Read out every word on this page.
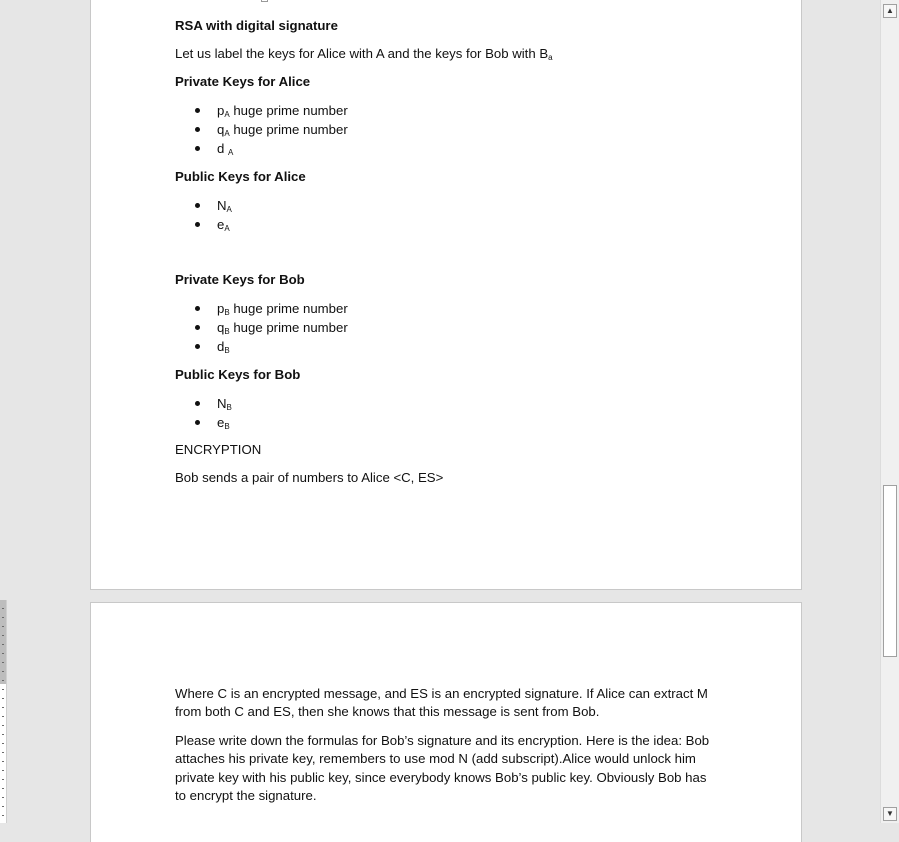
RSA with digital signature
Let us label the keys for Alice with A and the keys for Bob with $B_a$
Private Keys for Alice
$p_A$ huge prime number
$q_A$ huge prime number
d $_A$
Public Keys for Alice
$N_A$
$e_A$
Private Keys for Bob
$p_B$ huge prime number
$q_B$ huge prime number
$d_B$
Public Keys for Bob
$N_B$
$e_B$
ENCRYPTION
Bob sends a pair of numbers to Alice <C, ES>
Where C is an encrypted message, and ES is an encrypted signature. If Alice can extract M from both C and ES, then she knows that this message is sent from Bob.
Please write down the formulas for Bob’s signature and its encryption. Here is the idea: Bob attaches his private key, remembers to use mod N (add subscript).Alice would unlock him private key with his public key, since everybody knows Bob’s public key. Obviously Bob has to encrypt the signature.
▲
▼
